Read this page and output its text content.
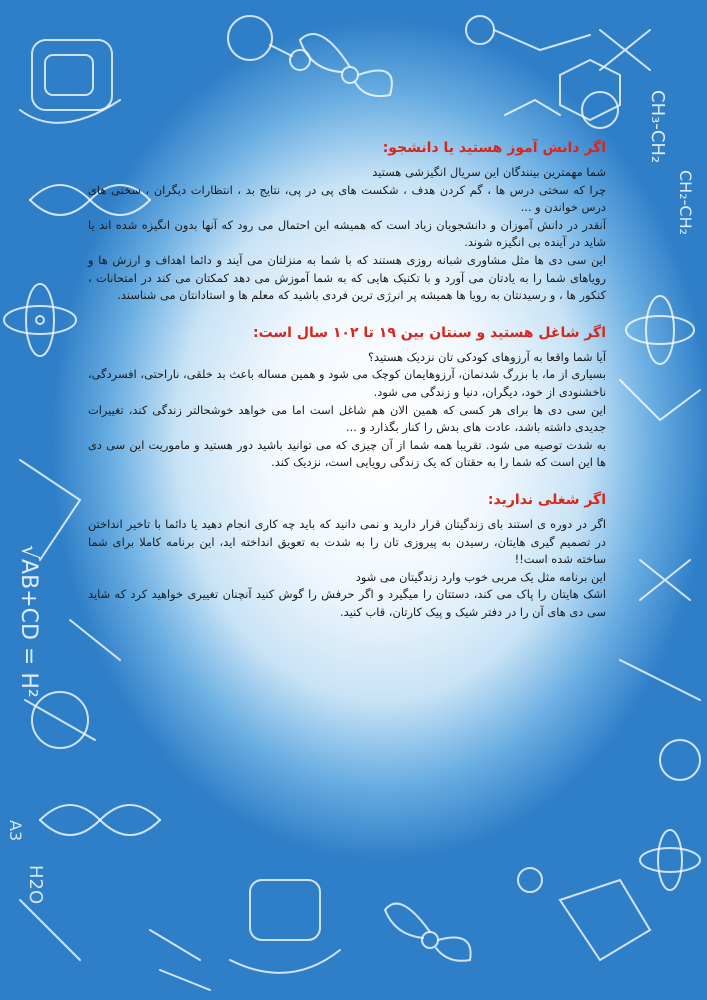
CH₃-CH₂
CH₂-CH₂
√AB+CD = H²
H2O
A3
اگر دانش آموز هستید یا دانشجو:

شما مهمترین بینندگان این سریال انگیزشی هستید

چرا که سختی درس ها ، گم کردن هدف ، شکست های پی در پی، نتایج بد ، انتظارات دیگران ، سختی های درس خواندن و ...

آنقدر در دانش آموزان و دانشجویان زیاد است که همیشه این احتمال می رود که آنها بدون انگیزه شده اند یا شاید در آینده بی انگیزه شوند.

این سی دی ها مثل مشاوری شبانه روزی هستند که با شما به منزلتان می آیند و دائما اهداف و ارزش ها و رویاهای شما را به یادتان می آورد و با تکنیک هایی که به شما آموزش می دهد کمکتان می کند در امتحانات ، کنکور ها ، و رسیدنتان به رویا ها همیشه پر انرژی ترین فردی باشید که معلم ها و استادانتان می شناسند.

اگر شاغل هستید و سنتان بین ۱۹ تا ۱۰۲ سال است:

آیا شما واقعا به آرزوهای کودکی تان نزدیک هستید؟

بسیاری از ما، با بزرگ شدنمان، آرزوهایمان کوچک می شود و همین مساله باعث بد خلقی، ناراحتی، افسردگی، ناخشنودی از خود، دیگران، دنیا و زندگی می شود.

این سی دی ها برای هر کسی که همین الان هم شاغل است اما می خواهد خوشحالتر زندگی کند، تغییرات جدیدی داشته باشد، عادت های بدش را کنار بگذارد و ...

به شدت توصیه می شود. تقریبا همه شما از آن چیزی که می توانید باشید دور هستید و ماموریت این سی دی ها این است که شما را به حقتان که یک زندگی رویایی است، نزدیک کند.

اگر شغلی ندارید:

اگر در دوره ی استند بای زندگیتان قرار دارید و نمی دانید که باید چه کاری انجام دهید یا دائما با تاخیر انداختن در تصمیم گیری هایتان، رسیدن به پیروزی تان را به شدت به تعویق انداخته اید، این برنامه کاملا برای شما ساخته شده است!!

این برنامه مثل یک مربی خوب وارد زندگیتان می شود

اشک هایتان را پاک می کند، دستتان را میگیرد و اگر حرفش را گوش کنید آنچنان تغییری خواهید کرد که شاید سی دی های آن را در دفتر شیک و پیک کارتان، قاب کنید.
